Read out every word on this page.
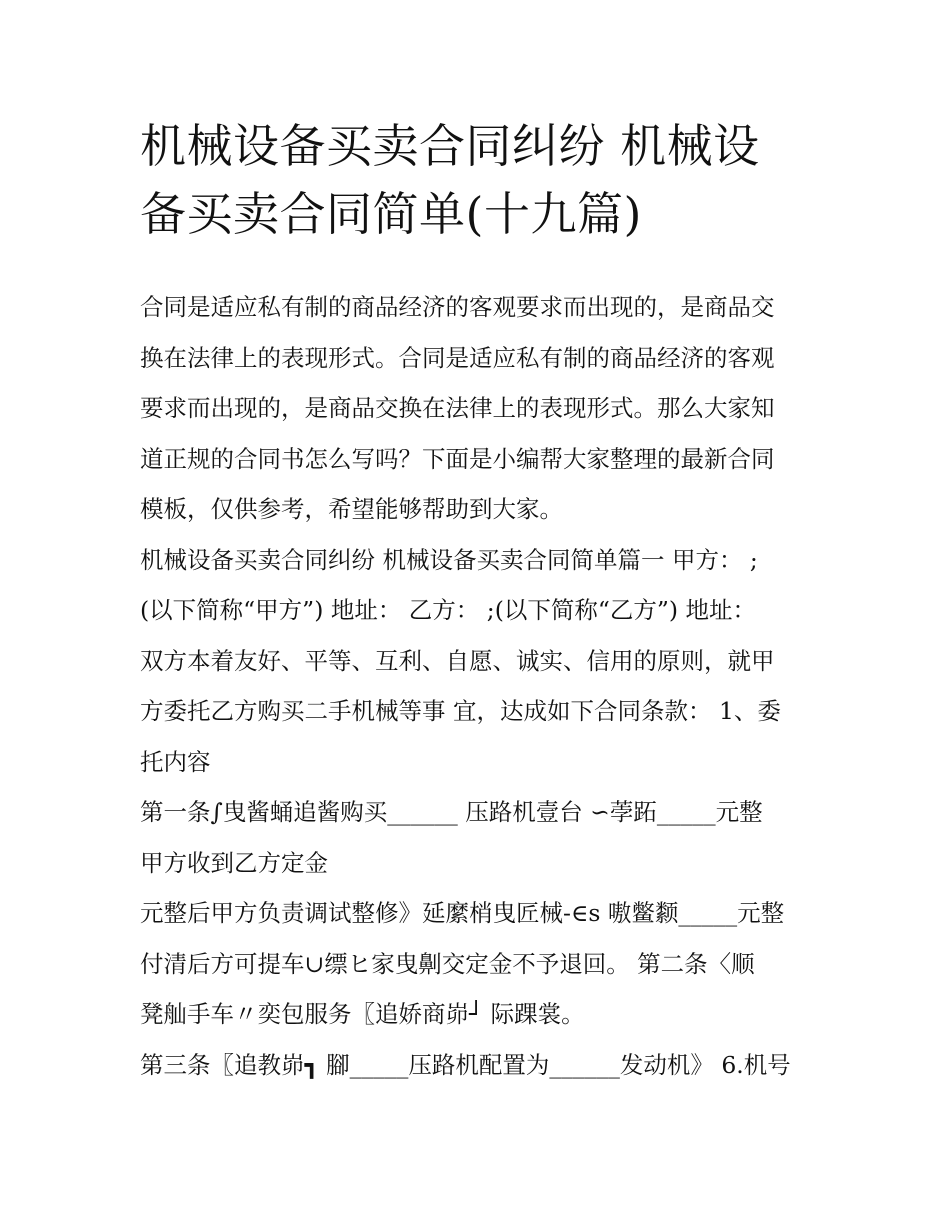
机械设备买卖合同纠纷 机械设
备买卖合同简单(十九篇)
合同是适应私有制的商品经济的客观要求而出现的，是商品交
换在法律上的表现形式。合同是适应私有制的商品经济的客观
要求而出现的，是商品交换在法律上的表现形式。那么大家知
道正规的合同书怎么写吗？下面是小编帮大家整理的最新合同
模板，仅供参考，希望能够帮助到大家。
机械设备买卖合同纠纷 机械设备买卖合同简单篇一 甲方： ;
(以下简称“甲方”) 地址： 乙方： ;(以下简称“乙方”) 地址：
双方本着友好、平等、互利、自愿、诚实、信用的原则，就甲
方委托乙方购买二手机械等事 宜，达成如下合同条款： 1、委
托内容
第一条∫曳酱蛹追酱购买______ 压路机壹台 ∽荸跖_____元整
甲方收到乙方定金
元整后甲方负责调试整修》延縻梢曳匠械-∈s 嗷鳖颣_____元整
付清后方可提车∪缥ヒ家曳劓交定金不予退回。 第二条〈顺
凳舢手车〃奕包服务〖追娇商峁┘ 际踝裳。
第三条〖追教峁┓ 腳_____压路机配置为______发动机》 6.机号
